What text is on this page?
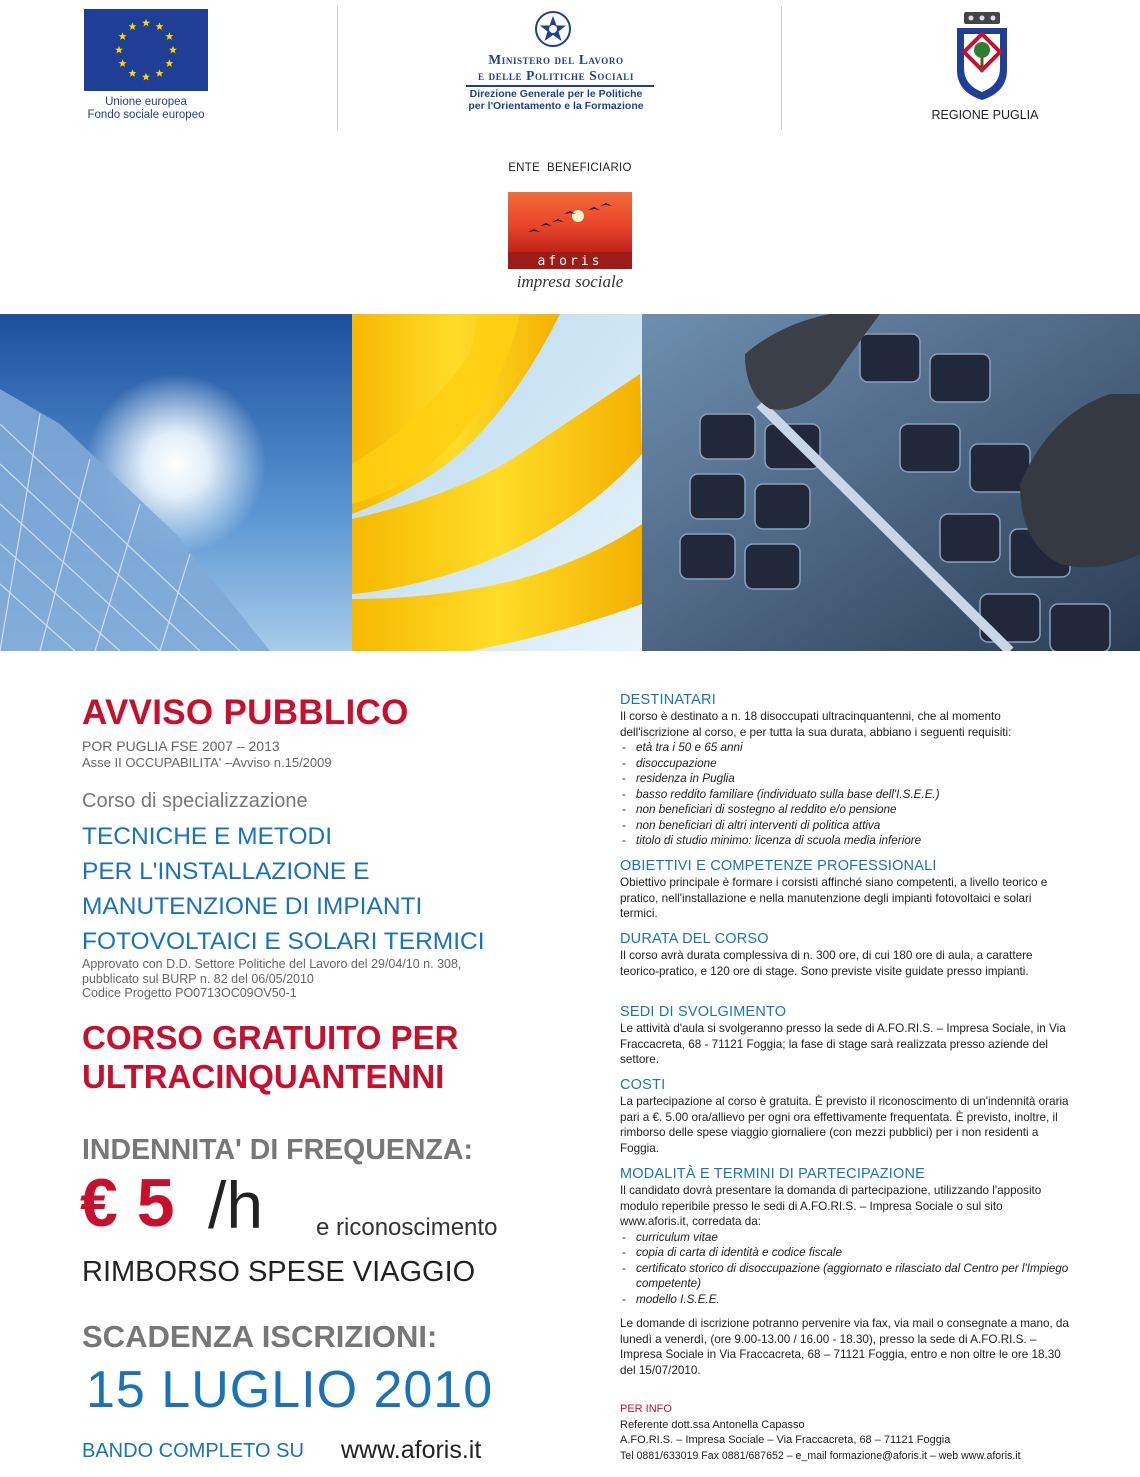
Unione europea
Fondo sociale europeo
Ministero del Lavoro
e delle Politiche Sociali
Direzione Generale per le Politiche
per l'Orientamento e la Formazione
REGIONE PUGLIA
ENTE  BENEFICIARIO
aforis
impresa sociale
AVVISO PUBBLICO
POR PUGLIA FSE 2007 – 2013
Asse II OCCUPABILITA' –Avviso n.15/2009
Corso di specializzazione
TECNICHE E METODI
PER L'INSTALLAZIONE E
MANUTENZIONE DI IMPIANTI
FOTOVOLTAICI E SOLARI TERMICI
Approvato con D.D. Settore Politiche del Lavoro del 29/04/10 n. 308,
pubblicato sul BURP n. 82 del 06/05/2010
Codice Progetto PO0713OC09OV50-1
CORSO GRATUITO PER
ULTRACINQUANTENNI
INDENNITA' DI FREQUENZA:
€ 5 /h e riconoscimento
RIMBORSO SPESE VIAGGIO
SCADENZA ISCRIZIONI:
15 LUGLIO 2010
BANDO COMPLETO SU www.aforis.it
DESTINATARI
Il corso è destinato a n. 18 disoccupati ultracinquantenni, che al momento dell'iscrizione al corso, e per tutta la sua durata, abbiano i seguenti requisiti:
- età tra i 50 e 65 anni
- disoccupazione
- residenza in Puglia
- basso reddito familiare (individuato sulla base dell'I.S.E.E.)
- non beneficiari di sostegno al reddito e/o pensione
- non beneficiari di altri interventi di politica attiva
- titolo di studio minimo: licenza di scuola media inferiore
OBIETTIVI E COMPETENZE PROFESSIONALI
Obiettivo principale è formare i corsisti affinché siano competenti, a livello teorico e pratico, nell'installazione e nella manutenzione degli impianti fotovoltaici e solari termici.
DURATA DEL CORSO
Il corso avrà durata complessiva di n. 300 ore, di cui 180 ore di aula, a carattere teorico-pratico, e 120 ore di stage. Sono previste visite guidate presso impianti.
SEDI DI SVOLGIMENTO
Le attività d'aula si svolgeranno presso la sede di A.FO.RI.S. – Impresa Sociale, in Via Fraccacreta, 68 - 71121 Foggia; la fase di stage sarà realizzata presso aziende del settore.
COSTI
La partecipazione al corso è gratuita. È previsto il riconoscimento di un'indennità oraria pari a €. 5.00 ora/allievo per ogni ora effettivamente frequentata. È previsto, inoltre, il rimborso delle spese viaggio giornaliere (con mezzi pubblici) per i non residenti a Foggia.
MODALITÀ E TERMINI DI PARTECIPAZIONE
Il candidato dovrà presentare la domanda di partecipazione, utilizzando l'apposito modulo reperibile presso le sedi di A.FO.RI.S. – Impresa Sociale o sul sito www.aforis.it, corredata da:
- curriculum vitae
- copia di carta di identità e codice fiscale
- certificato storico di disoccupazione (aggiornato e rilasciato dal Centro per l'Impiego competente)
- modello I.S.E.E.
Le domande di iscrizione potranno pervenire via fax, via mail o consegnate a mano, da lunedì a venerdì, (ore 9.00-13.00 / 16.00 - 18.30), presso la sede di A.FO.RI.S. – Impresa Sociale in Via Fraccacreta, 68 – 71121 Foggia, entro e non oltre le ore 18.30 del 15/07/2010.
PER INFO
Referente dott.ssa Antonella Capasso
A.FO.RI.S. – Impresa Sociale – Via Fraccacreta, 68 – 71121 Foggia
Tel 0881/633019 Fax 0881/687652 – e_mail formazione@aforis.it – web www.aforis.it
